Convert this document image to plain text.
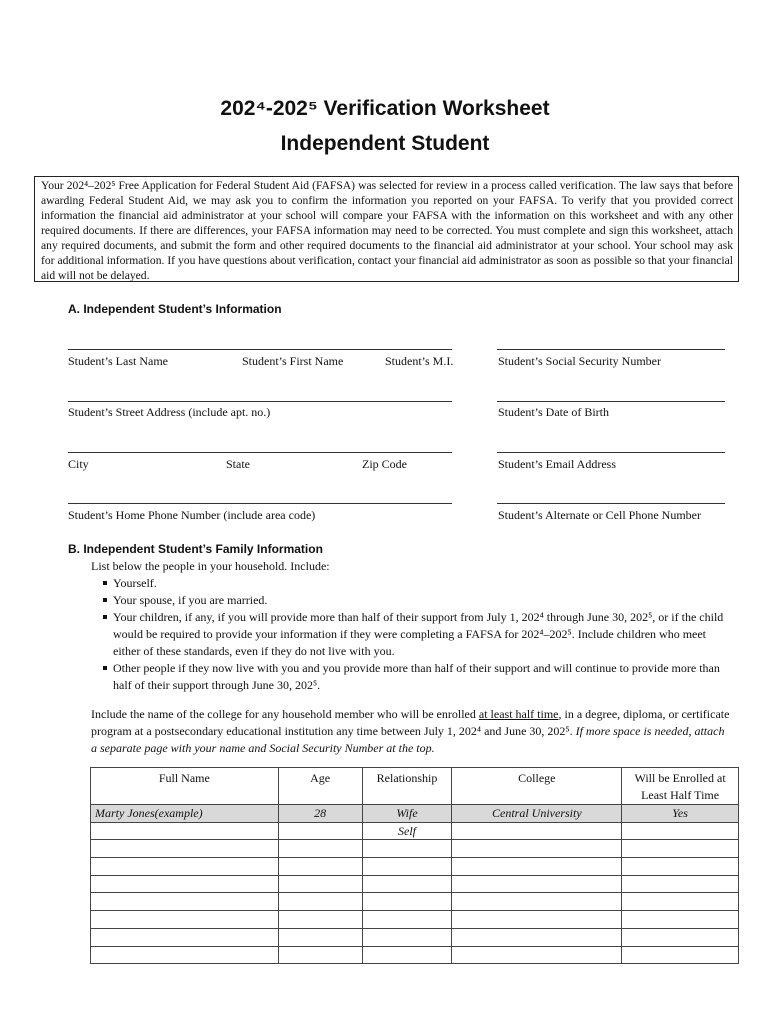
202⁴-202⁵ Verification Worksheet
Independent Student
Your 202⁴–202⁵ Free Application for Federal Student Aid (FAFSA) was selected for review in a process called verification. The law says that before awarding Federal Student Aid, we may ask you to confirm the information you reported on your FAFSA. To verify that you provided correct information the financial aid administrator at your school will compare your FAFSA with the information on this worksheet and with any other required documents. If there are differences, your FAFSA information may need to be corrected. You must complete and sign this worksheet, attach any required documents, and submit the form and other required documents to the financial aid administrator at your school. Your school may ask for additional information. If you have questions about verification, contact your financial aid administrator as soon as possible so that your financial aid will not be delayed.
A. Independent Student’s Information
Student’s Last Name	Student’s First Name	Student’s M.I.	Student’s Social Security Number
Student’s Street Address (include apt. no.)	Student’s Date of Birth
City	State	Zip Code	Student’s Email Address
Student’s Home Phone Number (include area code)	Student’s Alternate or Cell Phone Number
B. Independent Student’s Family Information
List below the people in your household. Include:
Yourself.
Your spouse, if you are married.
Your children, if any, if you will provide more than half of their support from July 1, 202⁴ through June 30, 202⁵, or if the child would be required to provide your information if they were completing a FAFSA for 202⁴–202⁵. Include children who meet either of these standards, even if they do not live with you.
Other people if they now live with you and you provide more than half of their support and will continue to provide more than half of their support through June 30, 202⁵.
Include the name of the college for any household member who will be enrolled at least half time, in a degree, diploma, or certificate program at a postsecondary educational institution any time between July 1, 202⁴ and June 30, 202⁵. If more space is needed, attach a separate page with your name and Social Security Number at the top.
Full Name	Age	Relationship	College	Will be Enrolled at Least Half Time
Marty Jones(example)	28	Wife	Central University	Yes
		Self		
